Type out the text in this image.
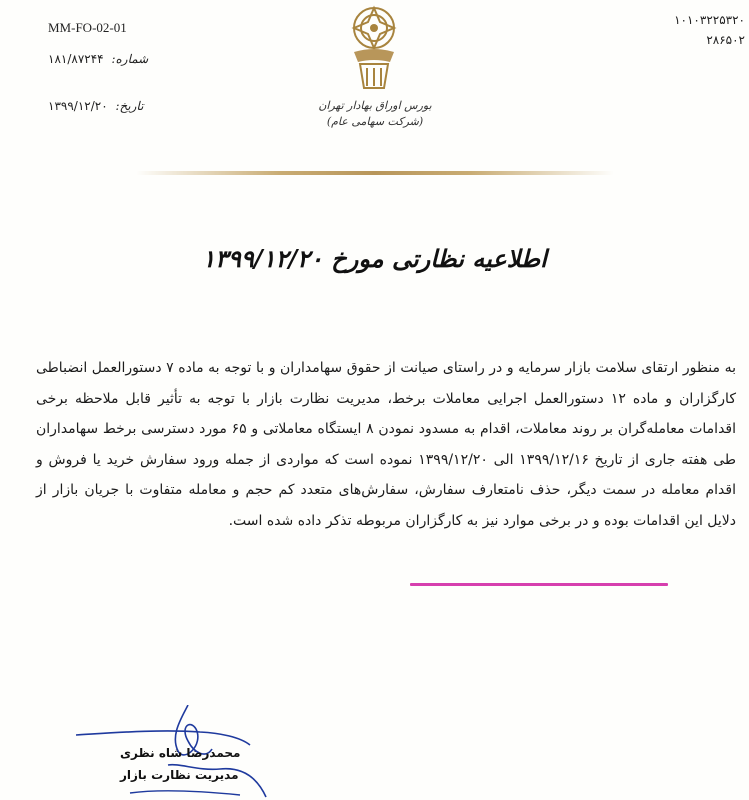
MM-FO-02-01
شماره: ۱۸۱/۸۷۲۴۴
تاریخ: ۱۳۹۹/۱۲/۲۰
۱۰۱۰۳۲۲۵۳۲۰
۲۸۶۵۰۲
بورس اوراق بهادار تهران
(شرکت سهامی عام)
اطلاعیه نظارتی مورخ ۱۳۹۹/۱۲/۲۰

به منظور ارتقای سلامت بازار سرمایه و در راستای صیانت از حقوق سهامداران و با توجه به ماده ۷ دستورالعمل انضباطی کارگزاران و ماده ۱۲ دستورالعمل اجرایی معاملات برخط، مدیریت نظارت بازار با توجه به تأثیر قابل ملاحظه برخی اقدامات معامله‌گران بر روند معاملات، اقدام به مسدود نمودن ۸ ایستگاه معاملاتی و ۶۵ مورد دسترسی برخط سهامداران طی هفته جاری از تاریخ ۱۳۹۹/۱۲/۱۶ الی ۱۳۹۹/۱۲/۲۰ نموده است که مواردی از جمله ورود سفارش خرید یا فروش و اقدام معامله در سمت دیگر، حذف نامتعارف سفارش، سفارش‌های متعدد کم حجم و معامله متفاوت با جریان بازار از دلایل این اقدامات بوده و در برخی موارد نیز به کارگزاران مربوطه تذکر داده شده است.

محمدرضا شاه نظری
مدیریت نظارت بازار
